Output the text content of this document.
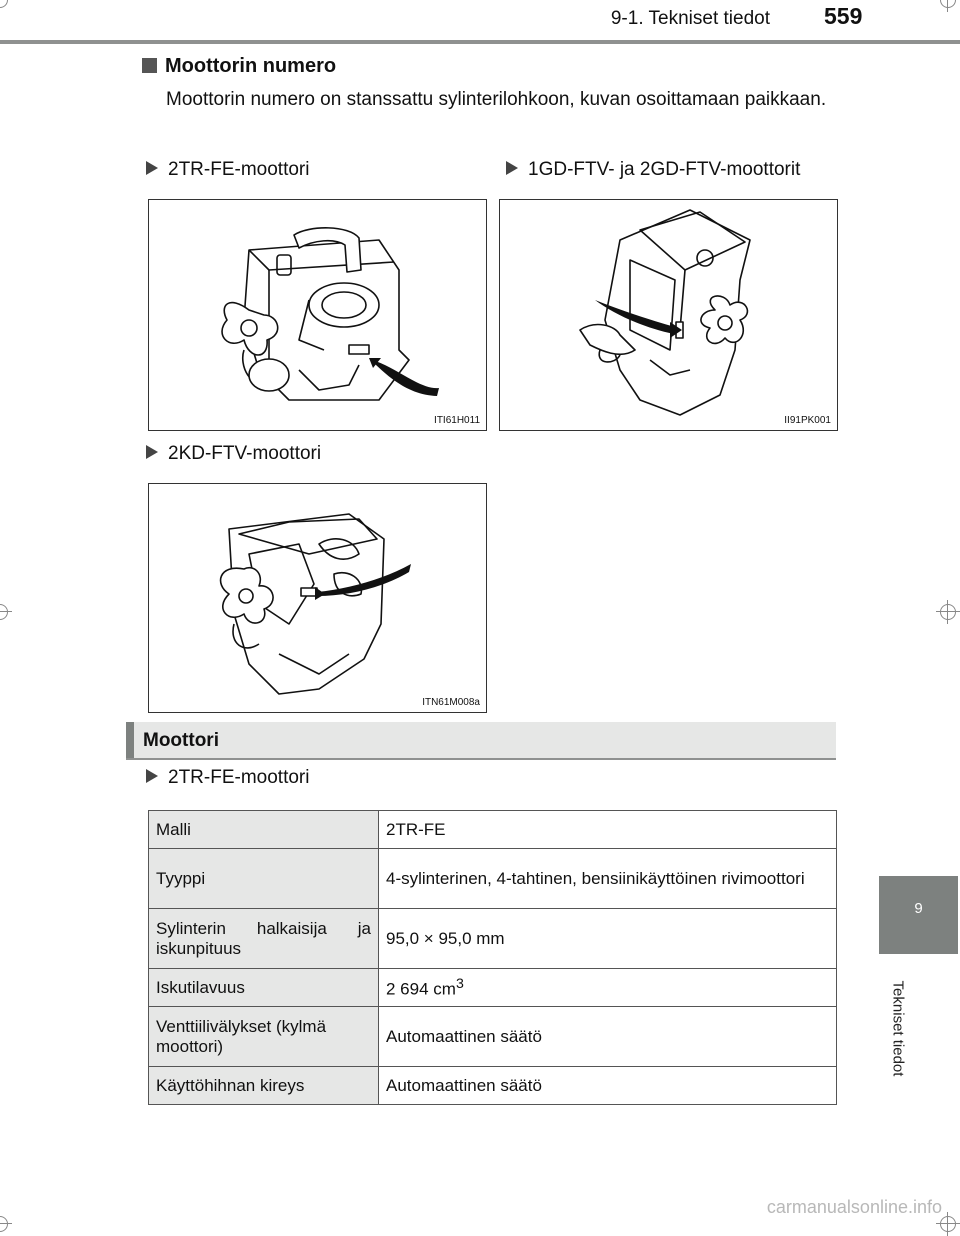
9-1. Tekniset tiedot 559
Moottorin numero
Moottorin numero on stanssattu sylinterilohkoon, kuvan osoittamaan paikkaan.
2TR-FE-moottori	1GD-FTV- ja 2GD-FTV-moottorit
ITI61H011	II91PK001
2KD-FTV-moottori
ITN61M008a
Moottori
2TR-FE-moottori
Malli	2TR-FE
Tyyppi	4-sylinterinen, 4-tahtinen, bensiinikäyttöinen rivimoottori
Sylinterin halkaisija ja iskunpituus	95,0 × 95,0 mm
Iskutilavuus	2 694 $cm^3$
Venttiilivälykset (kylmä moottori)	Automaattinen säätö
Käyttöhihnan kireys	Automaattinen säätö
9
Tekniset tiedot
carmanualsonline.info
